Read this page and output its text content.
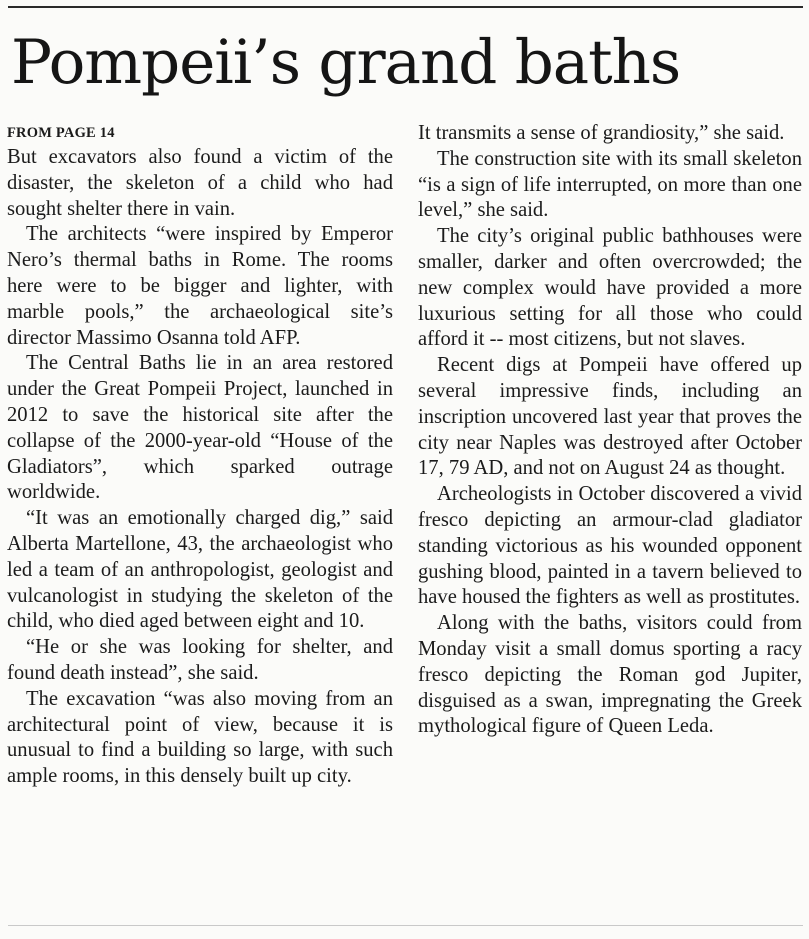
Pompeii’s grand baths
FROM PAGE 14

But excavators also found a victim of the disaster, the skeleton of a child who had sought shelter there in vain.

The architects “were inspired by Emperor Nero’s thermal baths in Rome. The rooms here were to be bigger and lighter, with marble pools,” the archaeological site’s director Massimo Osanna told AFP.

The Central Baths lie in an area restored under the Great Pompeii Project, launched in 2012 to save the historical site after the collapse of the 2000-year-old “House of the Gladiators”, which sparked outrage worldwide.

“It was an emotionally charged dig,” said Alberta Martellone, 43, the archaeologist who led a team of an anthropologist, geologist and vulcanologist in studying the skeleton of the child, who died aged between eight and 10.

“He or she was looking for shelter, and found death instead”, she said.

The excavation “was also moving from an architectural point of view, because it is unusual to find a building so large, with such ample rooms, in this densely built up city.

It transmits a sense of grandiosity,” she said.

The construction site with its small skeleton “is a sign of life interrupted, on more than one level,” she said.

The city’s original public bathhouses were smaller, darker and often overcrowded; the new complex would have provided a more luxurious setting for all those who could afford it -- most citizens, but not slaves.

Recent digs at Pompeii have offered up several impressive finds, including an inscription uncovered last year that proves the city near Naples was destroyed after October 17, 79 AD, and not on August 24 as thought.

Archeologists in October discovered a vivid fresco depicting an armour-clad gladiator standing victorious as his wounded opponent gushing blood, painted in a tavern believed to have housed the fighters as well as prostitutes.

Along with the baths, visitors could from Monday visit a small domus sporting a racy fresco depicting the Roman god Jupiter, disguised as a swan, impregnating the Greek mythological figure of Queen Leda.
